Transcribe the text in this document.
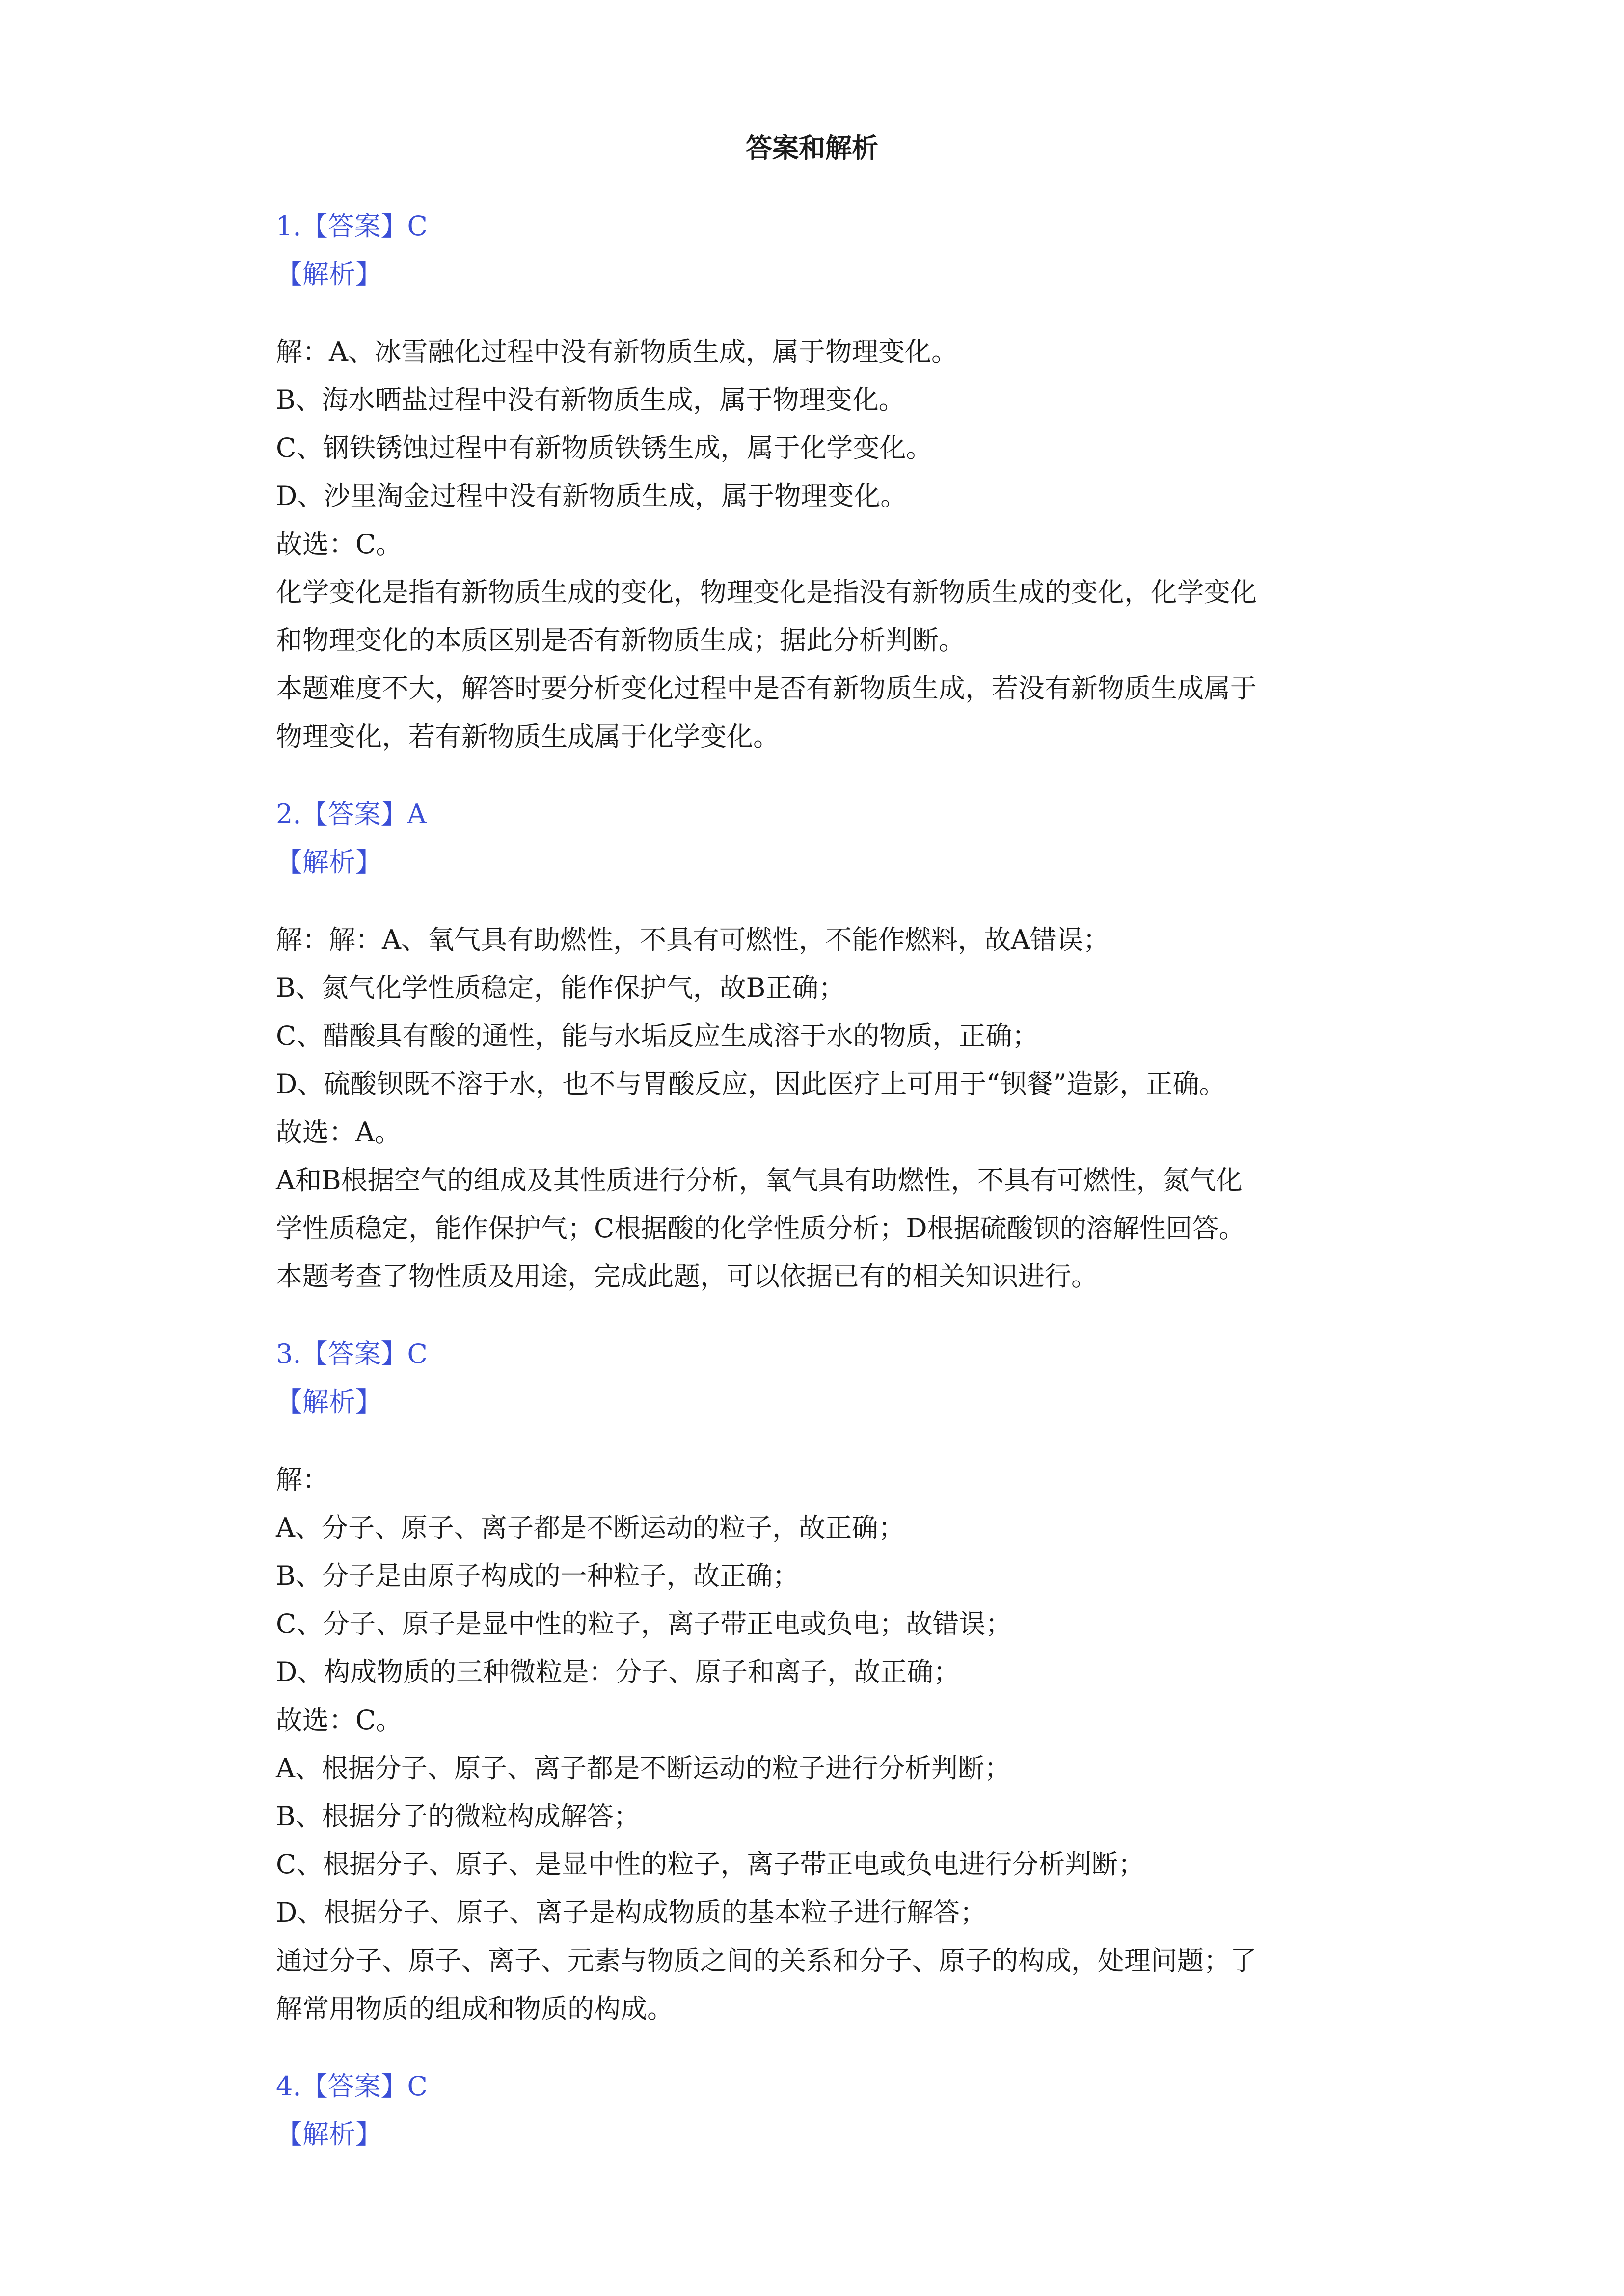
答案和解析
1.【答案】C
【解析】
解：A、冰雪融化过程中没有新物质生成，属于物理变化。
B、海水晒盐过程中没有新物质生成，属于物理变化。
C、钢铁锈蚀过程中有新物质铁锈生成，属于化学变化。
D、沙里淘金过程中没有新物质生成，属于物理变化。
故选：C。
化学变化是指有新物质生成的变化，物理变化是指没有新物质生成的变化，化学变化
和物理变化的本质区别是否有新物质生成；据此分析判断。
本题难度不大，解答时要分析变化过程中是否有新物质生成，若没有新物质生成属于
物理变化，若有新物质生成属于化学变化。
2.【答案】A
【解析】
解：解：A、氧气具有助燃性，不具有可燃性，不能作燃料，故A错误；
B、氮气化学性质稳定，能作保护气，故B正确；
C、醋酸具有酸的通性，能与水垢反应生成溶于水的物质，正确；
D、硫酸钡既不溶于水，也不与胃酸反应，因此医疗上可用于“钡餐”造影，正确。
故选：A。
A和B根据空气的组成及其性质进行分析，氧气具有助燃性，不具有可燃性，氮气化
学性质稳定，能作保护气；C根据酸的化学性质分析；D根据硫酸钡的溶解性回答。
本题考查了物性质及用途，完成此题，可以依据已有的相关知识进行。
3.【答案】C
【解析】
解：
A、分子、原子、离子都是不断运动的粒子，故正确；
B、分子是由原子构成的一种粒子，故正确；
C、分子、原子是显中性的粒子，离子带正电或负电；故错误；
D、构成物质的三种微粒是：分子、原子和离子，故正确；
故选：C。
A、根据分子、原子、离子都是不断运动的粒子进行分析判断；
B、根据分子的微粒构成解答；
C、根据分子、原子、是显中性的粒子，离子带正电或负电进行分析判断；
D、根据分子、原子、离子是构成物质的基本粒子进行解答；
通过分子、原子、离子、元素与物质之间的关系和分子、原子的构成，处理问题；了
解常用物质的组成和物质的构成。
4.【答案】C
【解析】
